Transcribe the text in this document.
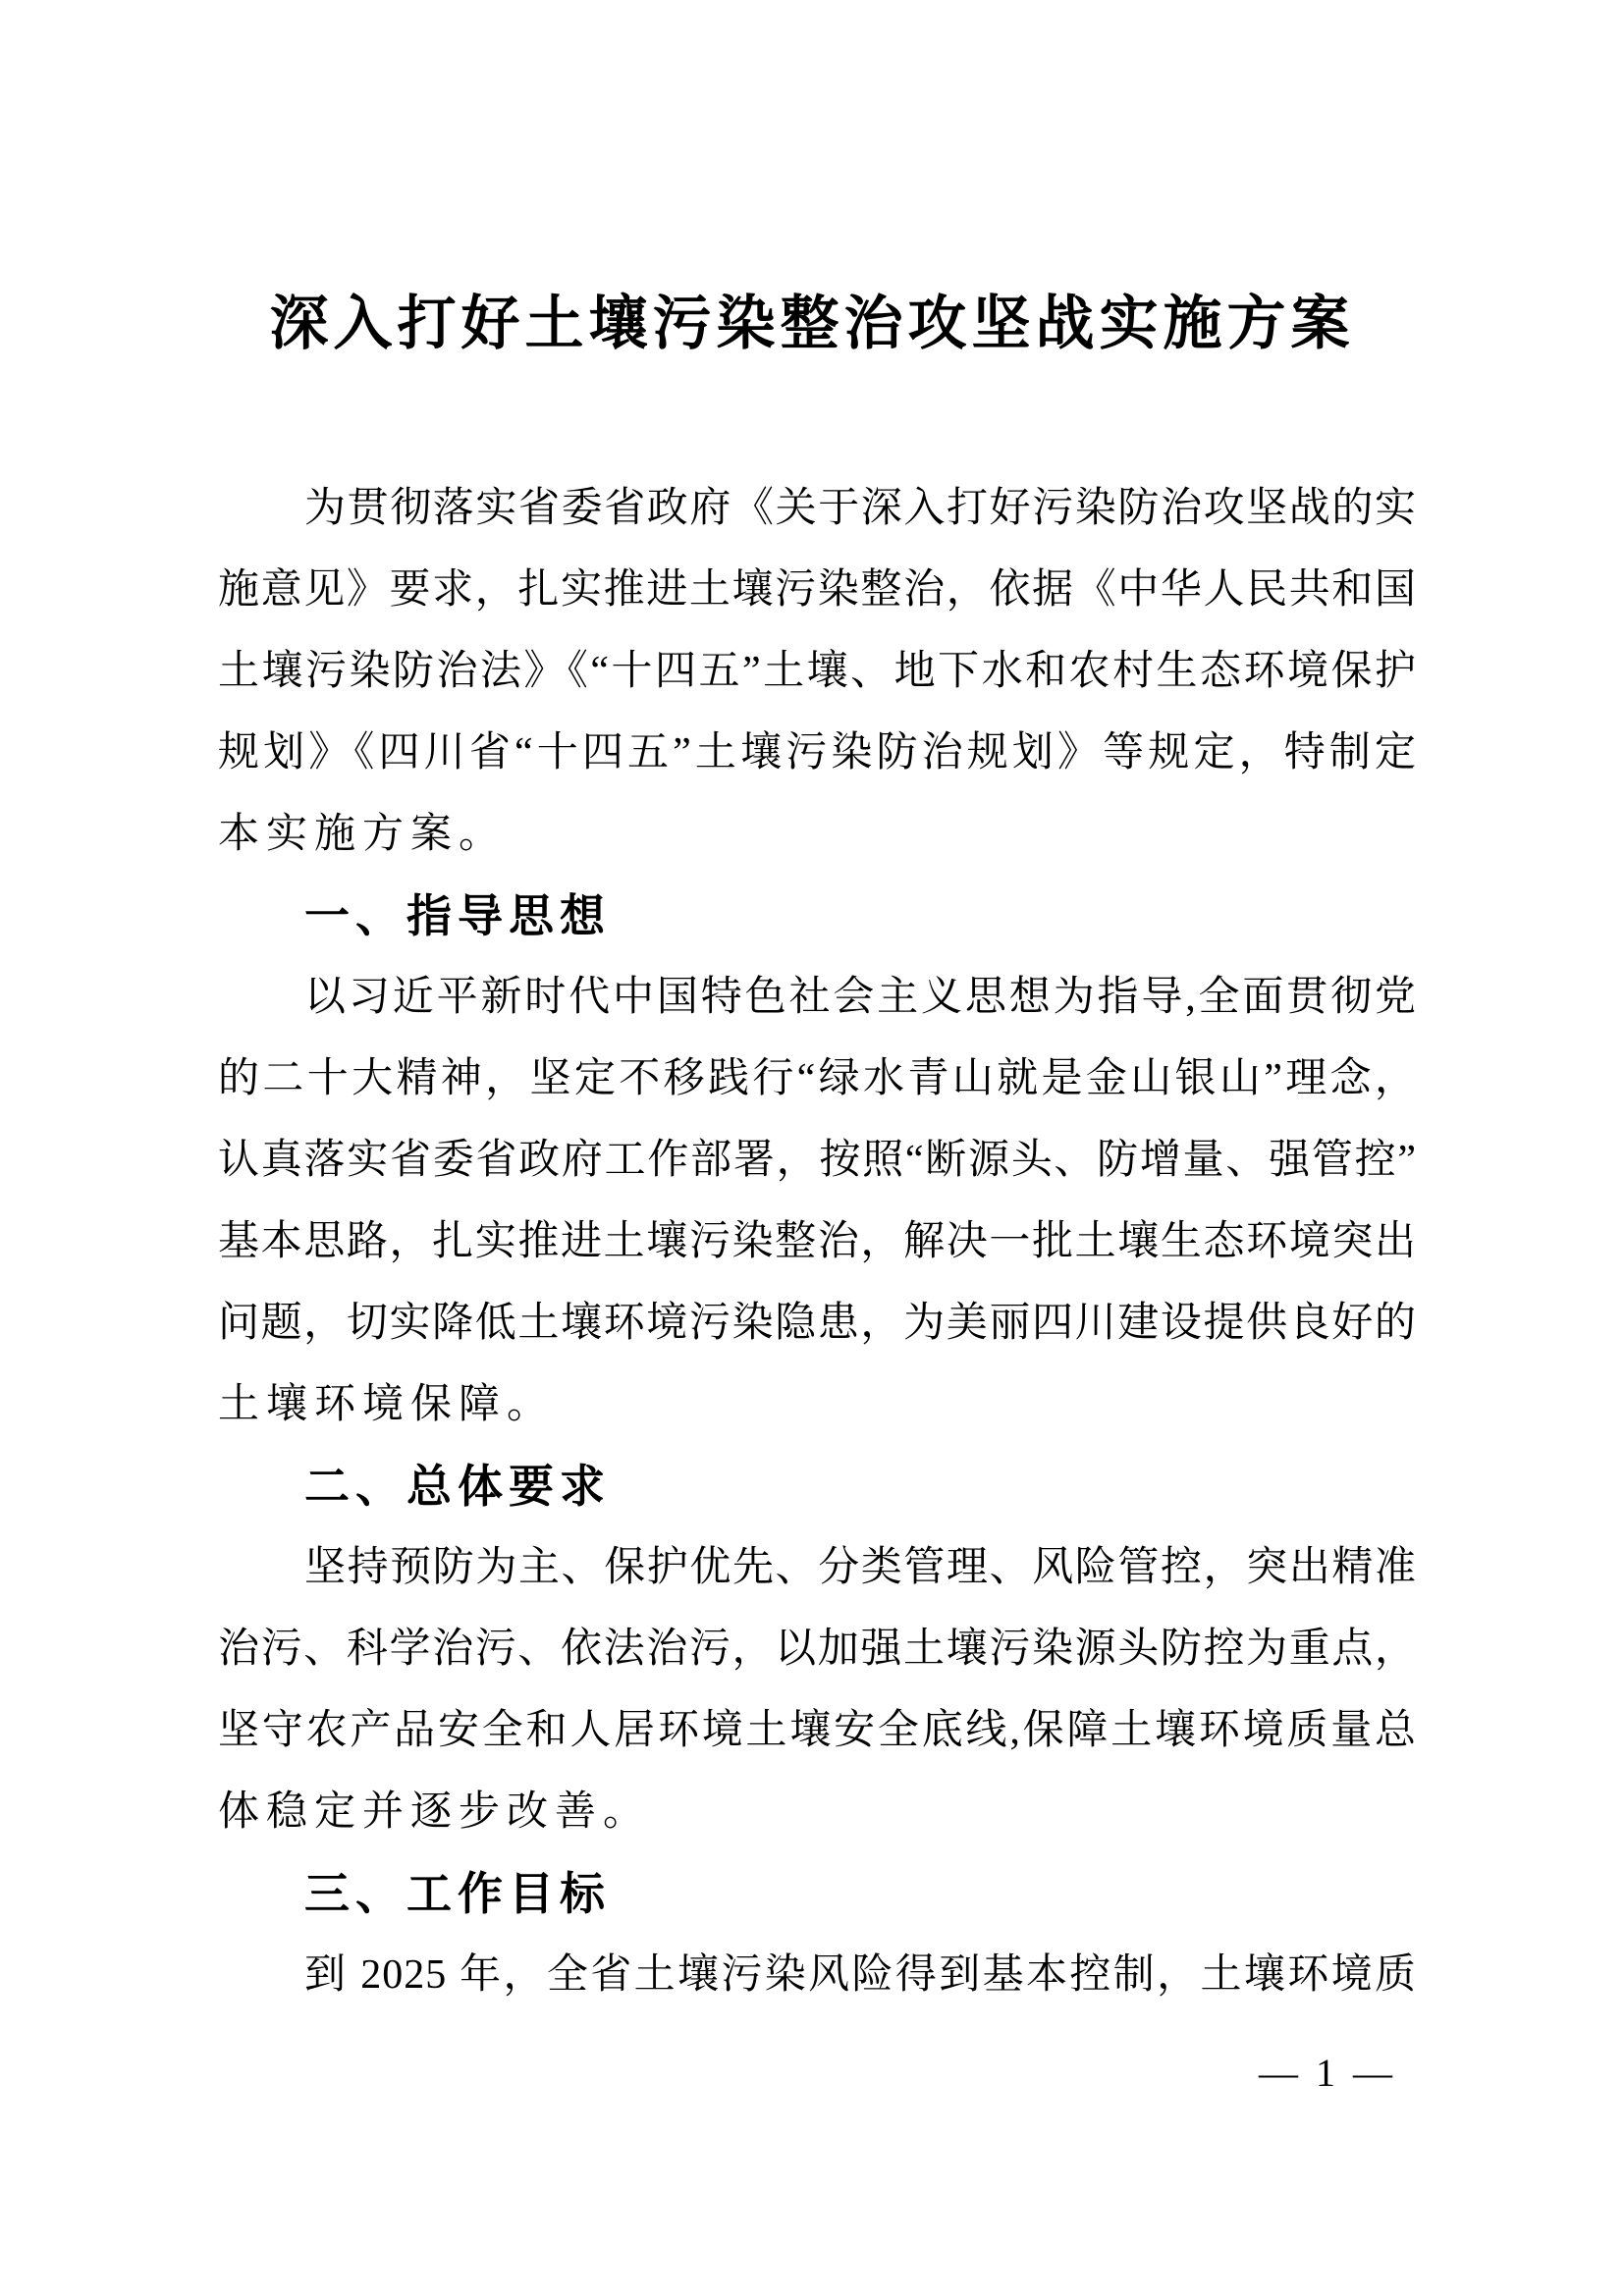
深入打好土壤污染整治攻坚战实施方案
为贯彻落实省委省政府《关于深入打好污染防治攻坚战的实
施意见》要求，扎实推进土壤污染整治，依据《中华人民共和国
土壤污染防治法》《“十四五”土壤、地下水和农村生态环境保护
规划》《四川省“十四五”土壤污染防治规划》等规定，特制定
本实施方案。
一、指导思想
以习近平新时代中国特色社会主义思想为指导,全面贯彻党
的二十大精神，坚定不移践行“绿水青山就是金山银山”理念，
认真落实省委省政府工作部署，按照“断源头、防增量、强管控”
基本思路，扎实推进土壤污染整治，解决一批土壤生态环境突出
问题，切实降低土壤环境污染隐患，为美丽四川建设提供良好的
土壤环境保障。
二、总体要求
坚持预防为主、保护优先、分类管理、风险管控，突出精准
治污、科学治污、依法治污，以加强土壤污染源头防控为重点，
坚守农产品安全和人居环境土壤安全底线,保障土壤环境质量总
体稳定并逐步改善。
三、工作目标
到 2025 年，全省土壤污染风险得到基本控制，土壤环境质
— 1 —
